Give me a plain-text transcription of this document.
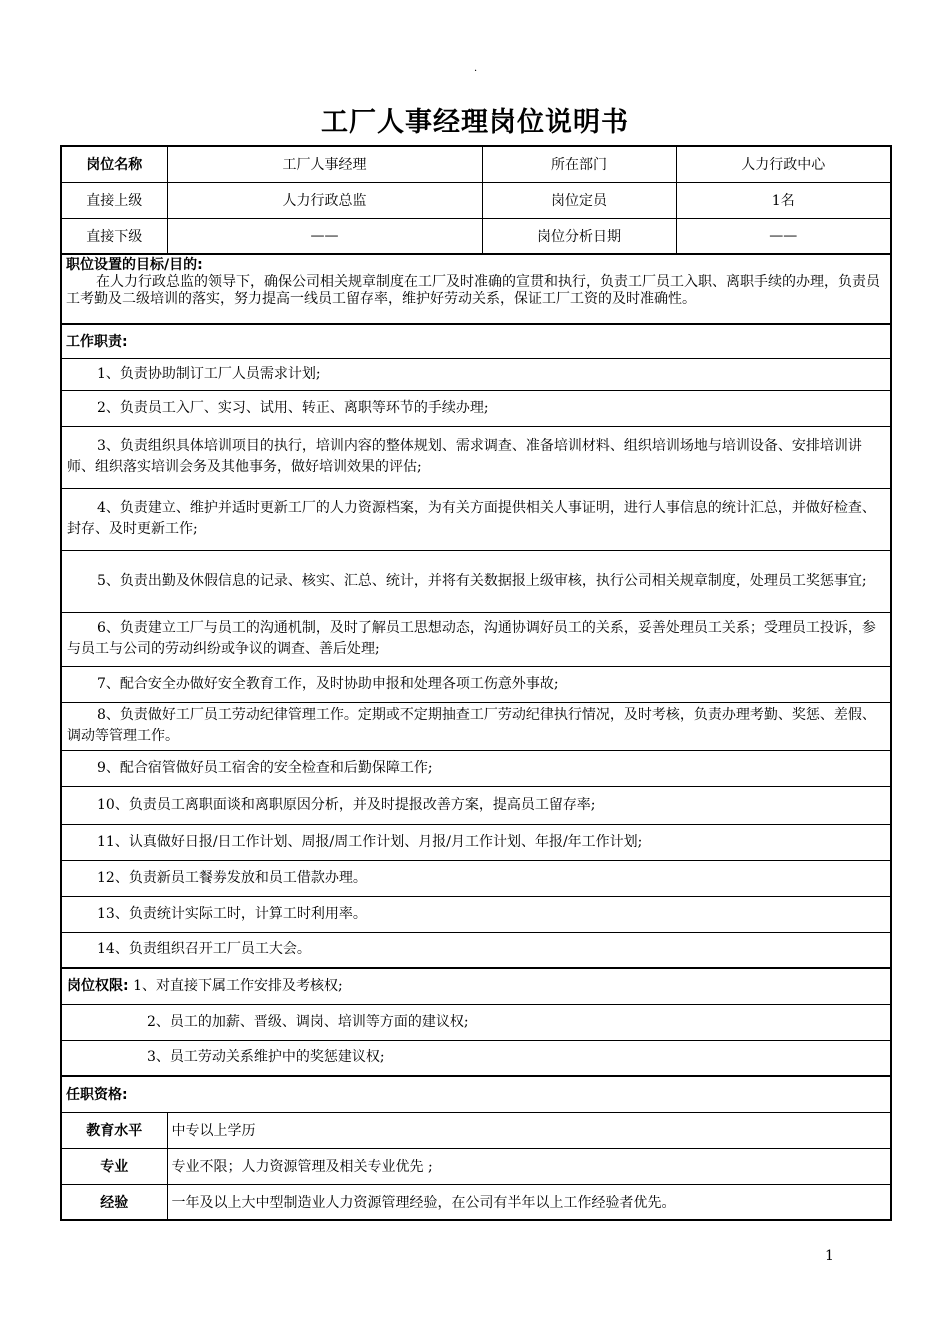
·
工厂人事经理岗位说明书
岗位名称	工厂人事经理	所在部门	人力行政中心
直接上级	人力行政总监	岗位定员	1名
直接下级	——	岗位分析日期	——

职位设置的目标/目的:
在人力行政总监的领导下，确保公司相关规章制度在工厂及时准确的宣贯和执行，负责工厂员工入职、离职手续的办理，负责员工考勤及二级培训的落实，努力提高一线员工留存率，维护好劳动关系，保证工厂工资的及时准确性。			

工作职责:			
1、负责协助制订工厂人员需求计划;			
2、负责员工入厂、实习、试用、转正、离职等环节的手续办理;			
3、负责组织具体培训项目的执行，培训内容的整体规划、需求调查、准备培训材料、组织培训场地与培训设备、安排培训讲师、组织落实培训会务及其他事务，做好培训效果的评估;			
4、负责建立、维护并适时更新工厂的人力资源档案，为有关方面提供相关人事证明，进行人事信息的统计汇总，并做好检查、封存、及时更新工作;			
5、负责出勤及休假信息的记录、核实、汇总、统计，并将有关数据报上级审核，执行公司相关规章制度，处理员工奖惩事宜;			
6、负责建立工厂与员工的沟通机制，及时了解员工思想动态，沟通协调好员工的关系，妥善处理员工关系；受理员工投诉，参与员工与公司的劳动纠纷或争议的调查、善后处理;			
7、配合安全办做好安全教育工作，及时协助申报和处理各项工伤意外事故;			
8、负责做好工厂员工劳动纪律管理工作。定期或不定期抽查工厂劳动纪律执行情况，及时考核，负责办理考勤、奖惩、差假、调动等管理工作。			
9、配合宿管做好员工宿舍的安全检查和后勤保障工作;			
10、负责员工离职面谈和离职原因分析，并及时提报改善方案，提高员工留存率;			
11、认真做好日报/日工作计划、周报/周工作计划、月报/月工作计划、年报/年工作计划;			
12、负责新员工餐劵发放和员工借款办理。			
13、负责统计实际工时，计算工时利用率。			
14、负责组织召开工厂员工大会。			
岗位权限: 1、对直接下属工作安排及考核权;			
2、员工的加薪、晋级、调岗、培训等方面的建议权;			
3、员工劳动关系维护中的奖惩建议权;			
任职资格:			
教育水平	中专以上学历		
专业	专业不限；人力资源管理及相关专业优先 ;		
经验	一年及以上大中型制造业人力资源管理经验，在公司有半年以上工作经验者优先。		
1
